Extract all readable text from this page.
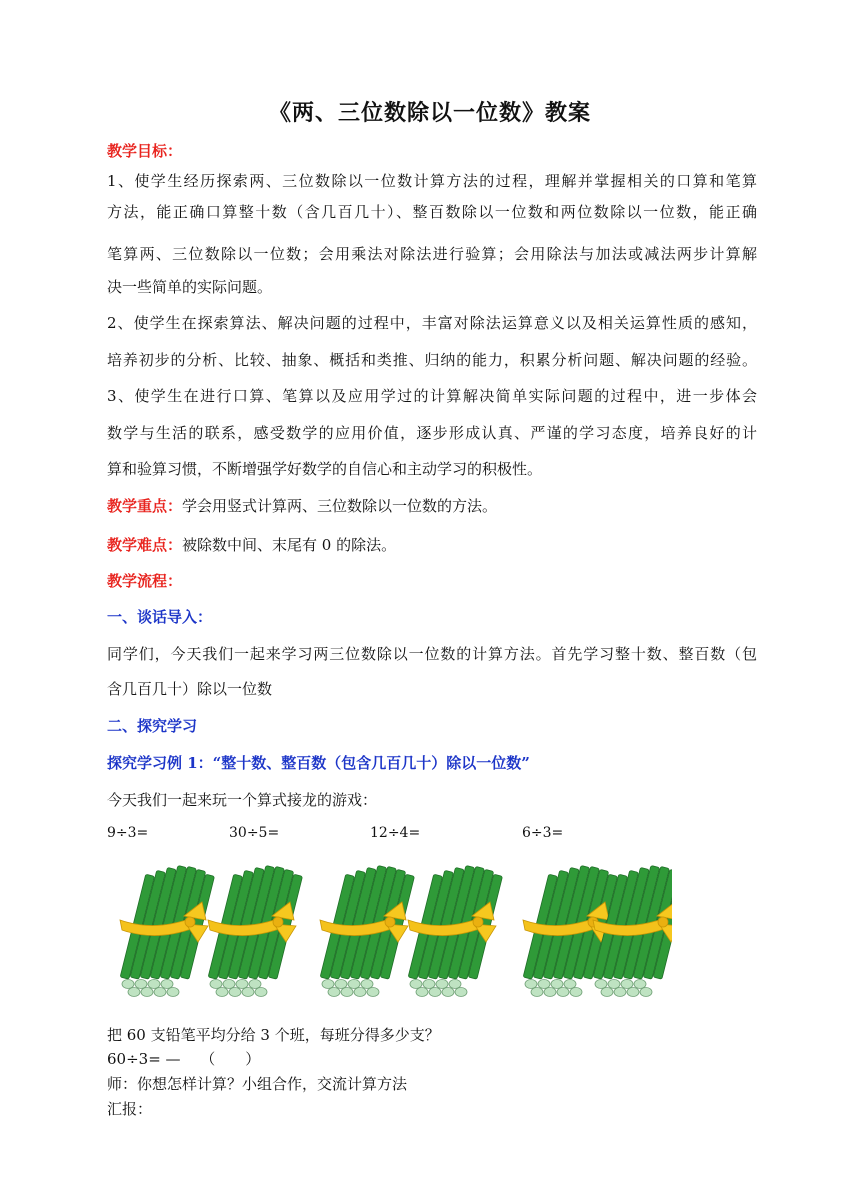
《两、三位数除以一位数》教案
教学目标：
1、使学生经历探索两、三位数除以一位数计算方法的过程，理解并掌握相关的口算和笔算
方法，能正确口算整十数（含几百几十）、整百数除以一位数和两位数除以一位数，能正确
笔算两、三位数除以一位数；会用乘法对除法进行验算；会用除法与加法或减法两步计算解
决一些简单的实际问题。
2、使学生在探索算法、解决问题的过程中，丰富对除法运算意义以及相关运算性质的感知，
培养初步的分析、比较、抽象、概括和类推、归纳的能力，积累分析问题、解决问题的经验。
3、使学生在进行口算、笔算以及应用学过的计算解决简单实际问题的过程中，进一步体会
数学与生活的联系，感受数学的应用价值，逐步形成认真、严谨的学习态度，培养良好的计
算和验算习惯，不断增强学好数学的自信心和主动学习的积极性。
教学重点：学会用竖式计算两、三位数除以一位数的方法。
教学难点：被除数中间、末尾有 0 的除法。
教学流程：
一、谈话导入：
同学们，今天我们一起来学习两三位数除以一位数的计算方法。首先学习整十数、整百数（包
含几百几十）除以一位数
二、探究学习
探究学习例 1：“整十数、整百数（包含几百几十）除以一位数”
今天我们一起来玩一个算式接龙的游戏：
9÷3=	30÷5=	12÷4=	6÷3=
把 60 支铅笔平均分给 3 个班，每班分得多少支？
60÷3= —　 （　　）
师：你想怎样计算？小组合作，交流计算方法
汇报：
